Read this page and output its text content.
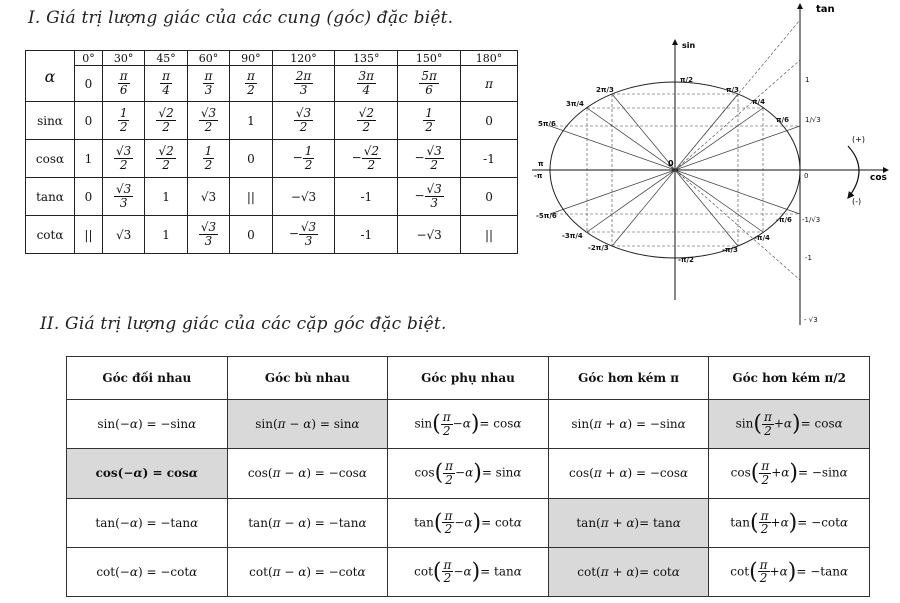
I. Giá trị lượng giác của các cung (góc) đặc biệt.
α	0°	30°	45°	60°	90°	120°	135°	150°	180°
	0	$\frac{\pi}{6}$	$\frac{\pi}{4}$	$\frac{\pi}{3}$	$\frac{\pi}{2}$	$\frac{2\pi}{3}$	$\frac{3\pi}{4}$	$\frac{5\pi}{6}$	π
sinα	0	$\frac{1}{2}$	$\frac{√2}{2}$	$\frac{√3}{2}$	1	$\frac{√3}{2}$	$\frac{√2}{2}$	$\frac{1}{2}$	0
cosα	1	$\frac{√3}{2}$	$\frac{√2}{2}$	$\frac{1}{2}$	0	− $\frac{1}{2}$	− $\frac{√2}{2}$	− $\frac{√3}{2}$	-1
tanα	0	$\frac{√3}{3}$	1	√3	||	−√3	-1	− $\frac{√3}{3}$	0
cotα	||	√3	1	$\frac{√3}{3}$	0	− $\frac{√3}{3}$	-1	−√3	||
π/2
-π/2
2π/3	π/3
3π/4	π/4
5π/6	π/6
-5π/6	-π/6
-3π/4	-π/4
-2π/3	-π/3
π
-π
1
-1
1/√3
-1/√3
- √3
0
tan
sin
cos
0
(+)
(-)
II. Giá trị lượng giác của các cặp góc đặc biệt.
Góc đối nhau	Góc bù nhau	Góc phụ nhau	Góc hơn kém π	Góc hơn kém π/2
sin(−α) = −sinα	sin(π − α) = sinα	$\sin( \frac{\pi}{2} -\alpha)= \cos\alpha$	sin(π + α) = −sinα	$\sin( \frac{\pi}{2} +\alpha)= \cos\alpha$
cos(−α) = cosα	cos(π − α) = −cosα	$\cos( \frac{\pi}{2} -\alpha)= \sin\alpha$	cos(π + α) = −cosα	$\cos( \frac{\pi}{2} +\alpha)= -\sin\alpha$
tan(−α) = −tanα	tan(π − α) = −tanα	$\tan( \frac{\pi}{2} -\alpha)= \cot\alpha$	tan(π + α)= tanα	$\tan( \frac{\pi}{2} +\alpha)= -\cot\alpha$
cot(−α) = −cotα	cot(π − α) = −cotα	$\cot( \frac{\pi}{2} -\alpha)= \tan\alpha$	cot(π + α)= cotα	$\cot( \frac{\pi}{2} +\alpha)= -\tan\alpha$
